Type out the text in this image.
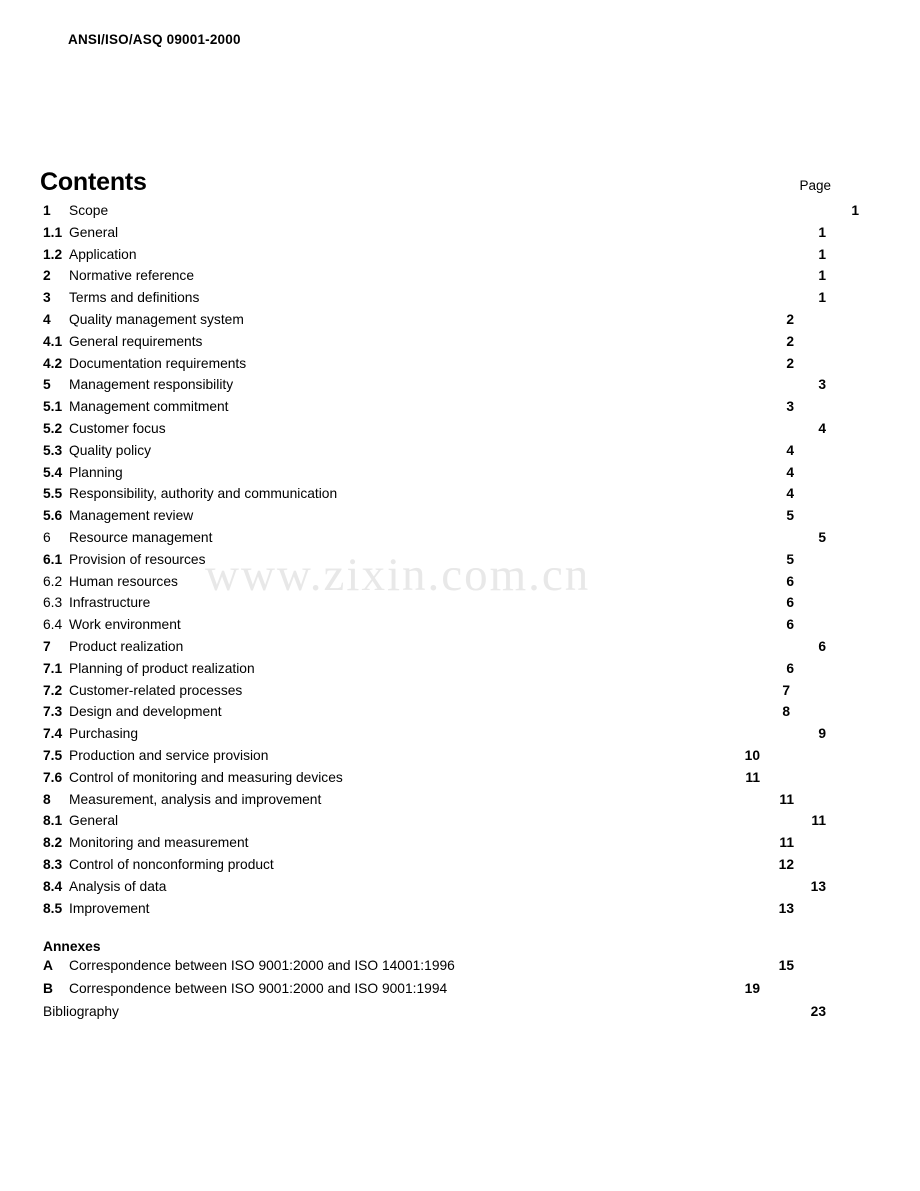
ANSI/ISO/ASQ 09001-2000
www.zixin.com.cn
Contents	Page
1 Scope	1
1.1 General	1
1.2 Application	1
2 Normative reference	1
3 Terms and definitions	1
4 Quality management system	2
4.1 General requirements	2
4.2 Documentation requirements	2
5 Management responsibility	3
5.1 Management commitment	3
5.2 Customer focus	4
5.3 Quality policy	4
5.4 Planning	4
5.5 Responsibility, authority and communication	4
5.6 Management review	5
6 Resource management	5
6.1 Provision of resources	5
6.2 Human resources	6
6.3 Infrastructure	6
6.4 Work environment	6
7 Product realization	6
7.1 Planning of product realization	6
7.2 Customer-related processes	7
7.3 Design and development	8
7.4 Purchasing	9
7.5 Production and service provision	10
7.6 Control of monitoring and measuring devices	11
8 Measurement, analysis and improvement	11
8.1 General	11
8.2 Monitoring and measurement	11
8.3 Control of nonconforming product	12
8.4 Analysis of data	13
8.5 Improvement	13
Annexes
A Correspondence between ISO 9001:2000 and ISO 14001:1996	15
B Correspondence between ISO 9001:2000 and ISO 9001:1994	19
Bibliography	23
